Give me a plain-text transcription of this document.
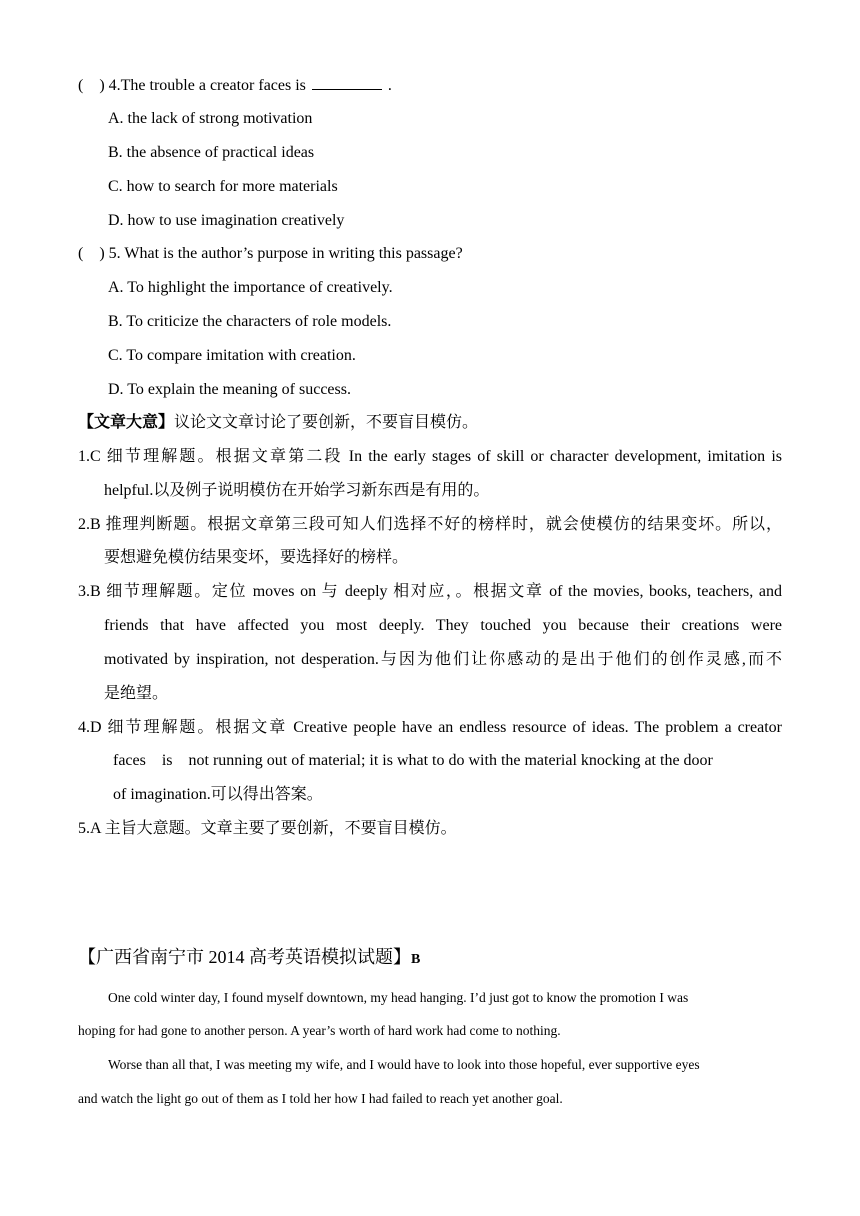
(    ) 4.The trouble a creator faces is	.
A. the lack of strong motivation
B. the absence of practical ideas
C. how to search for more materials
D. how to use imagination creatively
(    ) 5. What is the author’s purpose in writing this passage?
A. To highlight the importance of creatively.
B. To criticize the characters of role models.
C. To compare imitation with creation.
D. To explain the meaning of success.
【文章大意】议论文文章讨论了要创新，不要盲目模仿。
1.C 细节理解题。根据文章第二段 In the early stages of skill or character development, imitation is
helpful.以及例子说明模仿在开始学习新东西是有用的。
2.B 推理判断题。根据文章第三段可知人们选择不好的榜样时，就会使模仿的结果变坏。所以，
要想避免模仿结果变坏，要选择好的榜样。
3.B 细节理解题。定位 moves on 与 deeply 相对应，。根据文章 of the movies, books, teachers, and
friends that have affected you most deeply. They touched you because their creations were
motivated by inspiration, not desperation.与因为他们让你感动的是出于他们的创作灵感,而不
是绝望。
4.D 细节理解题。根据文章 Creative people have an endless resource of ideas. The problem a creator
faces    is    not running out of material; it is what to do with the material knocking at the door
of imagination.可以得出答案。
5.A 主旨大意题。文章主要了要创新，不要盲目模仿。
【广西省南宁市 2014 高考英语模拟试题】B
One cold winter day, I found myself downtown, my head hanging. I’d just got to know the promotion I was
hoping for had gone to another person. A year’s worth of hard work had come to nothing.
Worse than all that, I was meeting my wife, and I would have to look into those hopeful, ever supportive eyes
and watch the light go out of them as I told her how I had failed to reach yet another goal.
